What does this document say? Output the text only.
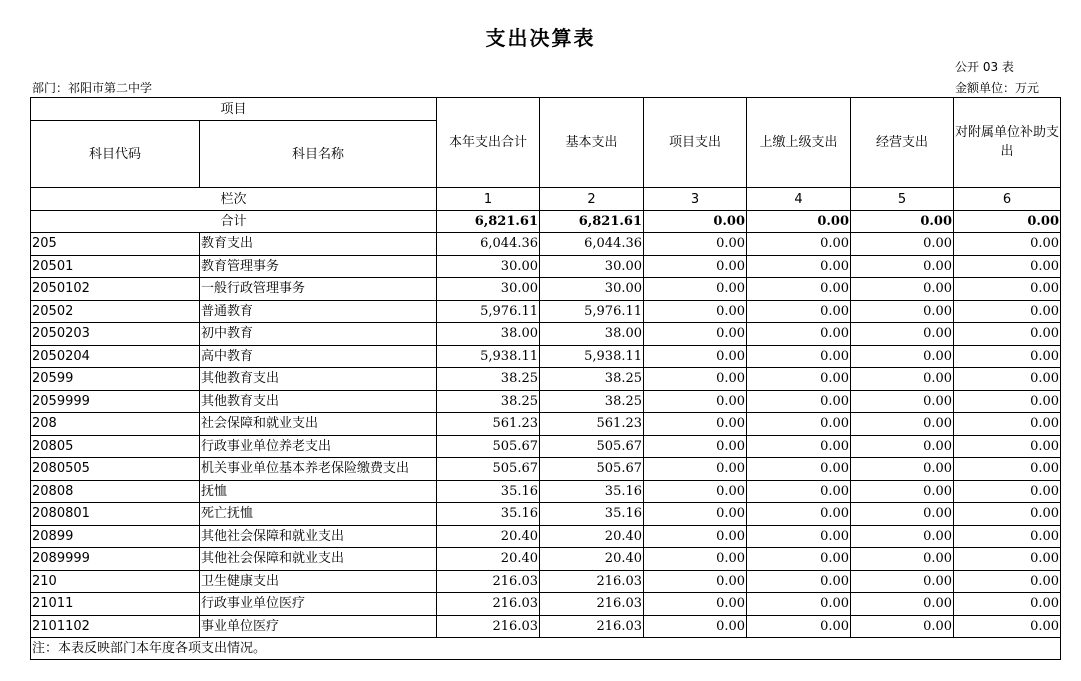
支出决算表
公开 03 表
部门：祁阳市第二中学	金额单位：万元
项目		本年支出合计	基本支出	项目支出	上缴上级支出	经营支出	对附属单位补助支出
科目代码	科目名称						
栏次		1	2	3	4	5	6
合计		6,821.61	6,821.61	0.00	0.00	0.00	0.00
205	教育支出	6,044.36	6,044.36	0.00	0.00	0.00	0.00
20501	教育管理事务	30.00	30.00	0.00	0.00	0.00	0.00
2050102	一般行政管理事务	30.00	30.00	0.00	0.00	0.00	0.00
20502	普通教育	5,976.11	5,976.11	0.00	0.00	0.00	0.00
2050203	初中教育	38.00	38.00	0.00	0.00	0.00	0.00
2050204	高中教育	5,938.11	5,938.11	0.00	0.00	0.00	0.00
20599	其他教育支出	38.25	38.25	0.00	0.00	0.00	0.00
2059999	其他教育支出	38.25	38.25	0.00	0.00	0.00	0.00
208	社会保障和就业支出	561.23	561.23	0.00	0.00	0.00	0.00
20805	行政事业单位养老支出	505.67	505.67	0.00	0.00	0.00	0.00
2080505	机关事业单位基本养老保险缴费支出	505.67	505.67	0.00	0.00	0.00	0.00
20808	抚恤	35.16	35.16	0.00	0.00	0.00	0.00
2080801	死亡抚恤	35.16	35.16	0.00	0.00	0.00	0.00
20899	其他社会保障和就业支出	20.40	20.40	0.00	0.00	0.00	0.00
2089999	其他社会保障和就业支出	20.40	20.40	0.00	0.00	0.00	0.00
210	卫生健康支出	216.03	216.03	0.00	0.00	0.00	0.00
21011	行政事业单位医疗	216.03	216.03	0.00	0.00	0.00	0.00
2101102	事业单位医疗	216.03	216.03	0.00	0.00	0.00	0.00
注：本表反映部门本年度各项支出情况。							
